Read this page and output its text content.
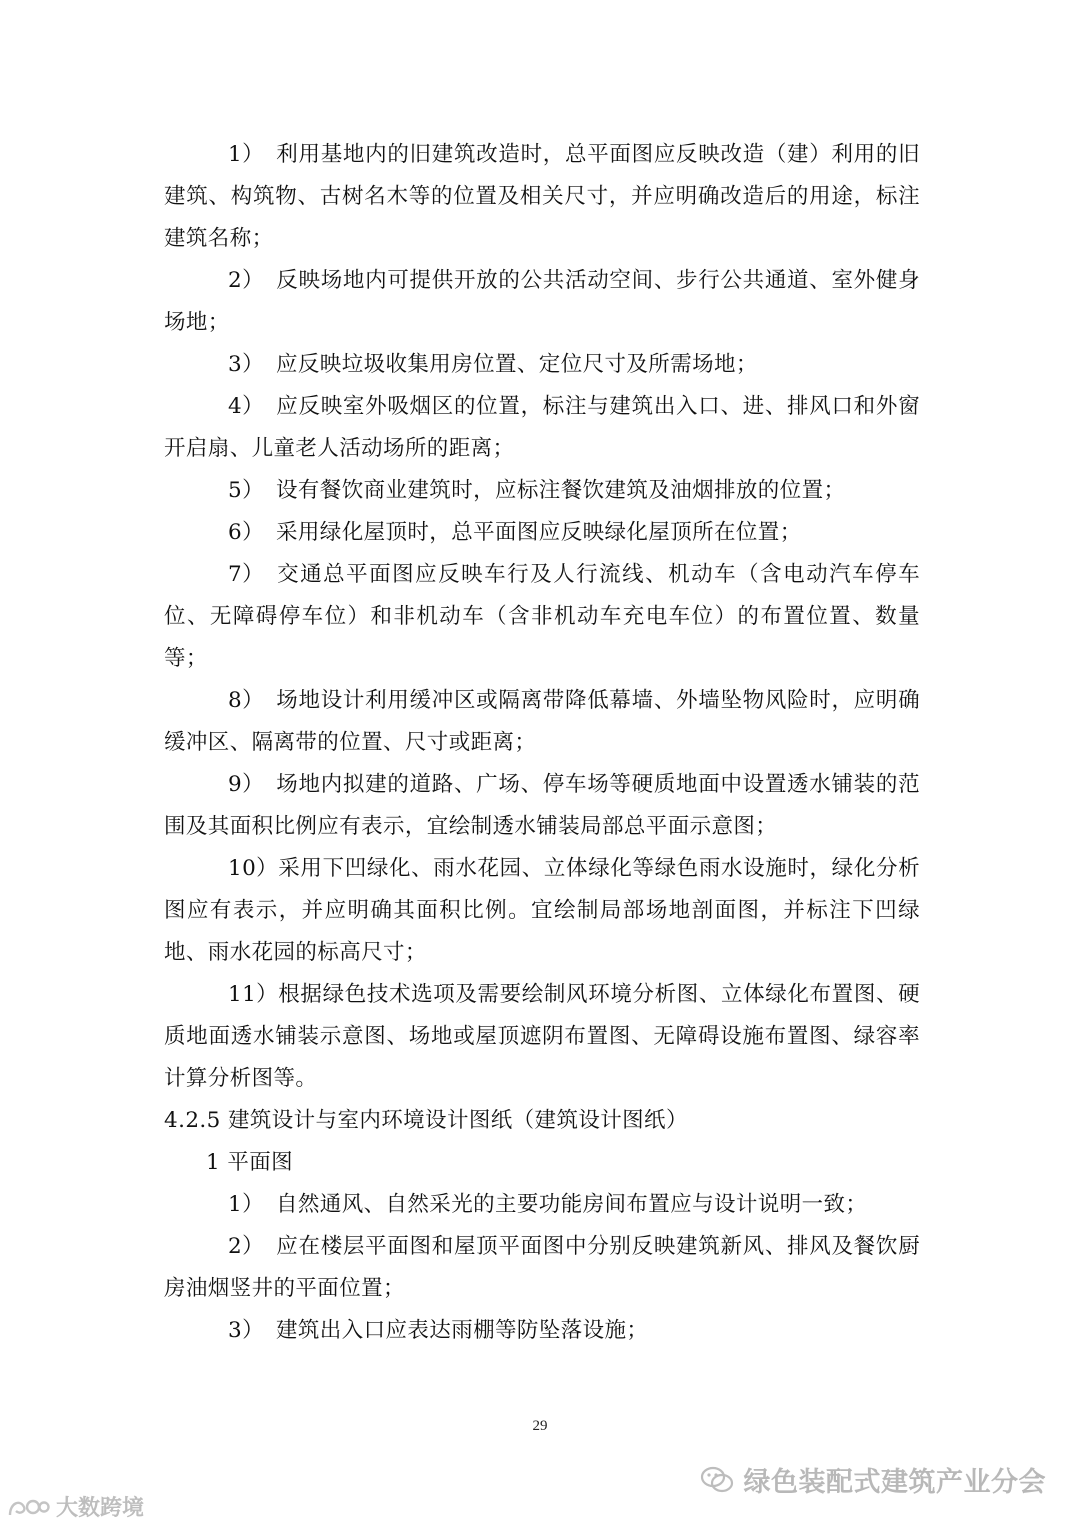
1） 利用基地内的旧建筑改造时，总平面图应反映改造（建）利用的旧建筑、构筑物、古树名木等的位置及相关尺寸，并应明确改造后的用途，标注建筑名称；

2） 反映场地内可提供开放的公共活动空间、步行公共通道、室外健身场地；

3） 应反映垃圾收集用房位置、定位尺寸及所需场地；

4） 应反映室外吸烟区的位置，标注与建筑出入口、进、排风口和外窗开启扇、儿童老人活动场所的距离；

5） 设有餐饮商业建筑时，应标注餐饮建筑及油烟排放的位置；

6） 采用绿化屋顶时，总平面图应反映绿化屋顶所在位置；

7） 交通总平面图应反映车行及人行流线、机动车（含电动汽车停车位、无障碍停车位）和非机动车（含非机动车充电车位）的布置位置、数量等；

8） 场地设计利用缓冲区或隔离带降低幕墙、外墙坠物风险时，应明确缓冲区、隔离带的位置、尺寸或距离；

9） 场地内拟建的道路、广场、停车场等硬质地面中设置透水铺装的范围及其面积比例应有表示，宜绘制透水铺装局部总平面示意图；

10）采用下凹绿化、雨水花园、立体绿化等绿色雨水设施时，绿化分析图应有表示，并应明确其面积比例。宜绘制局部场地剖面图，并标注下凹绿地、雨水花园的标高尺寸；

11）根据绿色技术选项及需要绘制风环境分析图、立体绿化布置图、硬质地面透水铺装示意图、场地或屋顶遮阴布置图、无障碍设施布置图、绿容率计算分析图等。

4.2.5 建筑设计与室内环境设计图纸（建筑设计图纸）

1 平面图

1） 自然通风、自然采光的主要功能房间布置应与设计说明一致；

2） 应在楼层平面图和屋顶平面图中分别反映建筑新风、排风及餐饮厨房油烟竖井的平面位置；

3） 建筑出入口应表达雨棚等防坠落设施；

29
绿色装配式建筑产业分会
大数跨境
